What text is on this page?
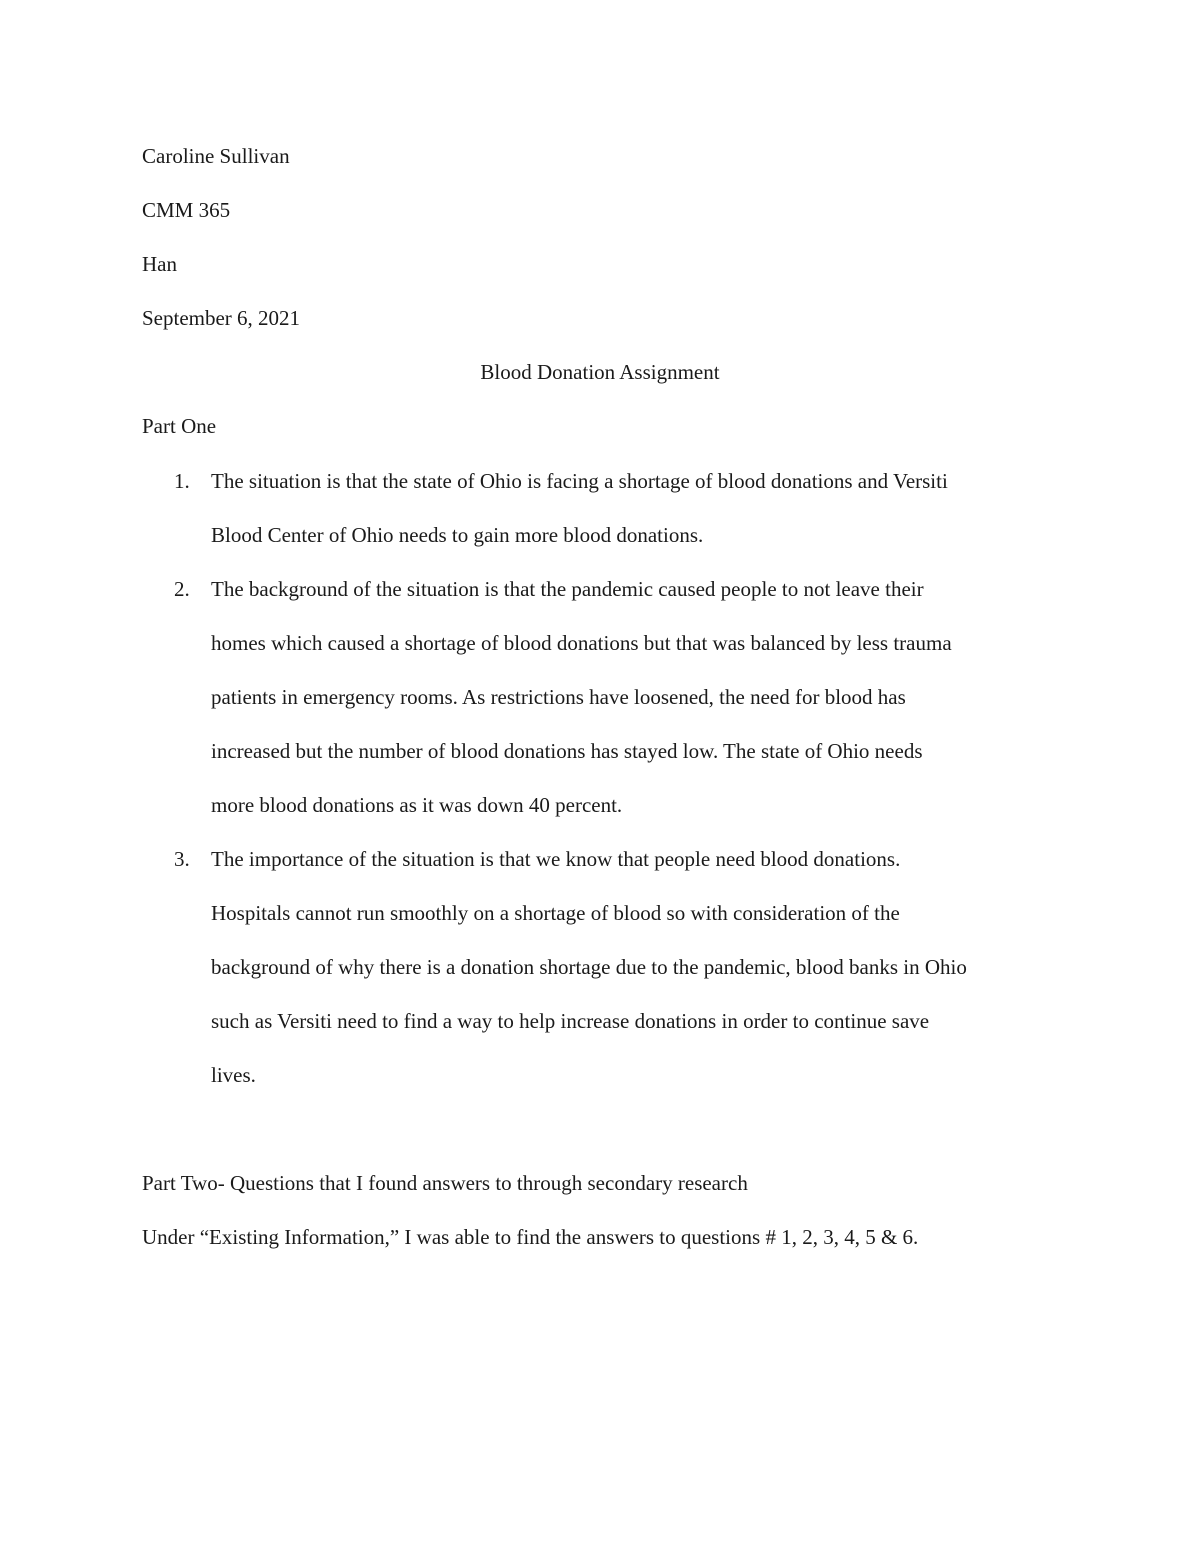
Caroline Sullivan
CMM 365
Han
September 6, 2021
Blood Donation Assignment
Part One
1. The situation is that the state of Ohio is facing a shortage of blood donations and Versiti
Blood Center of Ohio needs to gain more blood donations.
2. The background of the situation is that the pandemic caused people to not leave their
homes which caused a shortage of blood donations but that was balanced by less trauma
patients in emergency rooms. As restrictions have loosened, the need for blood has
increased but the number of blood donations has stayed low. The state of Ohio needs
more blood donations as it was down 40 percent.
3. The importance of the situation is that we know that people need blood donations.
Hospitals cannot run smoothly on a shortage of blood so with consideration of the
background of why there is a donation shortage due to the pandemic, blood banks in Ohio
such as Versiti need to find a way to help increase donations in order to continue save
lives.
Part Two- Questions that I found answers to through secondary research
Under “Existing Information,” I was able to find the answers to questions # 1, 2, 3, 4, 5 & 6.
